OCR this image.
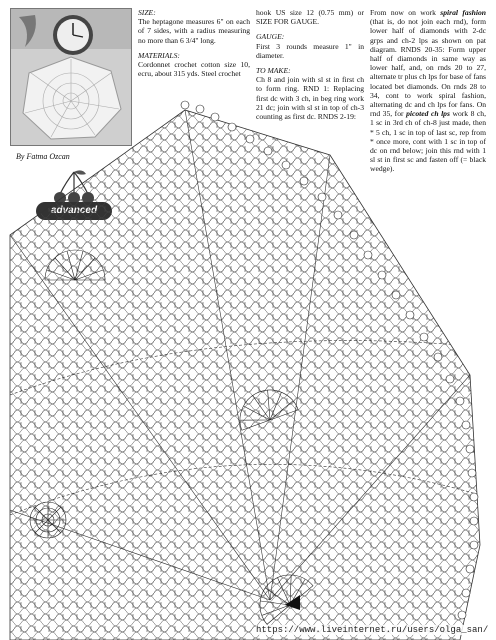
By Fatma Ozcan

SIZE:
The heptagone measures 6" on each of 7 sides, with a radius measuring no more than 6 3/4" long.

MATERIALS:
Cordonnet crochet cotton size 10, ecru, about 315 yds. Steel crochet

hook US size 12 (0.75 mm) or SIZE FOR GAUGE.

GAUGE:
First 3 rounds measure 1" in diameter.

TO MAKE:
Ch 8 and join with sl st in first ch to form ring. RND 1: Replacing first dc with 3 ch, in beg ring work 21 dc; join with sl st in top of ch-3 counting as first dc. RNDS 2-19:

From now on work spiral fashion (that is, do not join each rnd), form lower half of diamonds with 2-dc grps and ch-2 lps as shown on pat diagram. RNDS 20-35: Form upper half of diamonds in same way as lower half, and, on rnds 20 to 27, alternate tr plus ch lps for base of fans located bet diamonds. On rnds 28 to 34, cont to work spiral fashion, alternating dc and ch lps for fans. On rnd 35, for picoted ch lps work 8 ch, 1 sc in 3rd ch of ch-8 just made, then * 5 ch, 1 sc in top of last sc, rep from * once more, cont with 1 sc in top of dc on rnd below; join this rnd with 1 sl st in first sc and fasten off (= black wedge).

https://www.liveinternet.ru/users/olga_san/
